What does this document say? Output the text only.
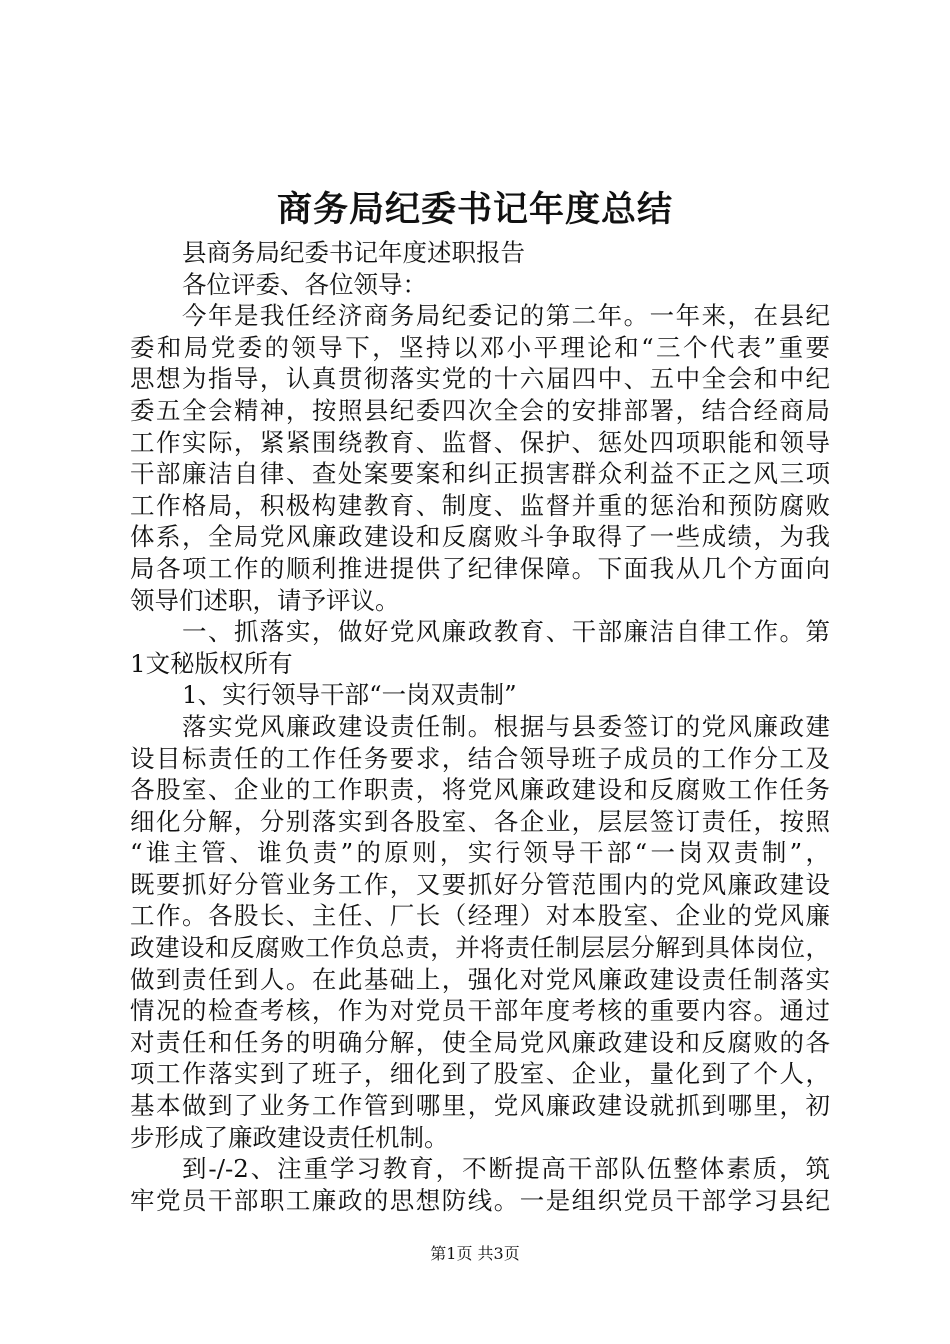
商务局纪委书记年度总结
县商务局纪委书记年度述职报告
各位评委、各位领导：
今年是我任经济商务局纪委记的第二年。一年来，在县纪
委和局党委的领导下，坚持以邓小平理论和“三个代表”重要
思想为指导，认真贯彻落实党的十六届四中、五中全会和中纪
委五全会精神，按照县纪委四次全会的安排部署，结合经商局
工作实际，紧紧围绕教育、监督、保护、惩处四项职能和领导
干部廉洁自律、查处案要案和纠正损害群众利益不正之风三项
工作格局，积极构建教育、制度、监督并重的惩治和预防腐败
体系，全局党风廉政建设和反腐败斗争取得了一些成绩，为我
局各项工作的顺利推进提供了纪律保障。下面我从几个方面向
领导们述职，请予评议。
一、抓落实，做好党风廉政教育、干部廉洁自律工作。第
1文秘版权所有
1、实行领导干部“一岗双责制”
落实党风廉政建设责任制。根据与县委签订的党风廉政建
设目标责任的工作任务要求，结合领导班子成员的工作分工及
各股室、企业的工作职责，将党风廉政建设和反腐败工作任务
细化分解，分别落实到各股室、各企业，层层签订责任，按照
“谁主管、谁负责”的原则，实行领导干部“一岗双责制”，
既要抓好分管业务工作，又要抓好分管范围内的党风廉政建设
工作。各股长、主任、厂长（经理）对本股室、企业的党风廉
政建设和反腐败工作负总责，并将责任制层层分解到具体岗位，
做到责任到人。在此基础上，强化对党风廉政建设责任制落实
情况的检查考核，作为对党员干部年度考核的重要内容。通过
对责任和任务的明确分解，使全局党风廉政建设和反腐败的各
项工作落实到了班子，细化到了股室、企业，量化到了个人，
基本做到了业务工作管到哪里，党风廉政建设就抓到哪里，初
步形成了廉政建设责任机制。
到-/-2、注重学习教育，不断提高干部队伍整体素质，筑
牢党员干部职工廉政的思想防线。一是组织党员干部学习县纪
第1页 共3页
